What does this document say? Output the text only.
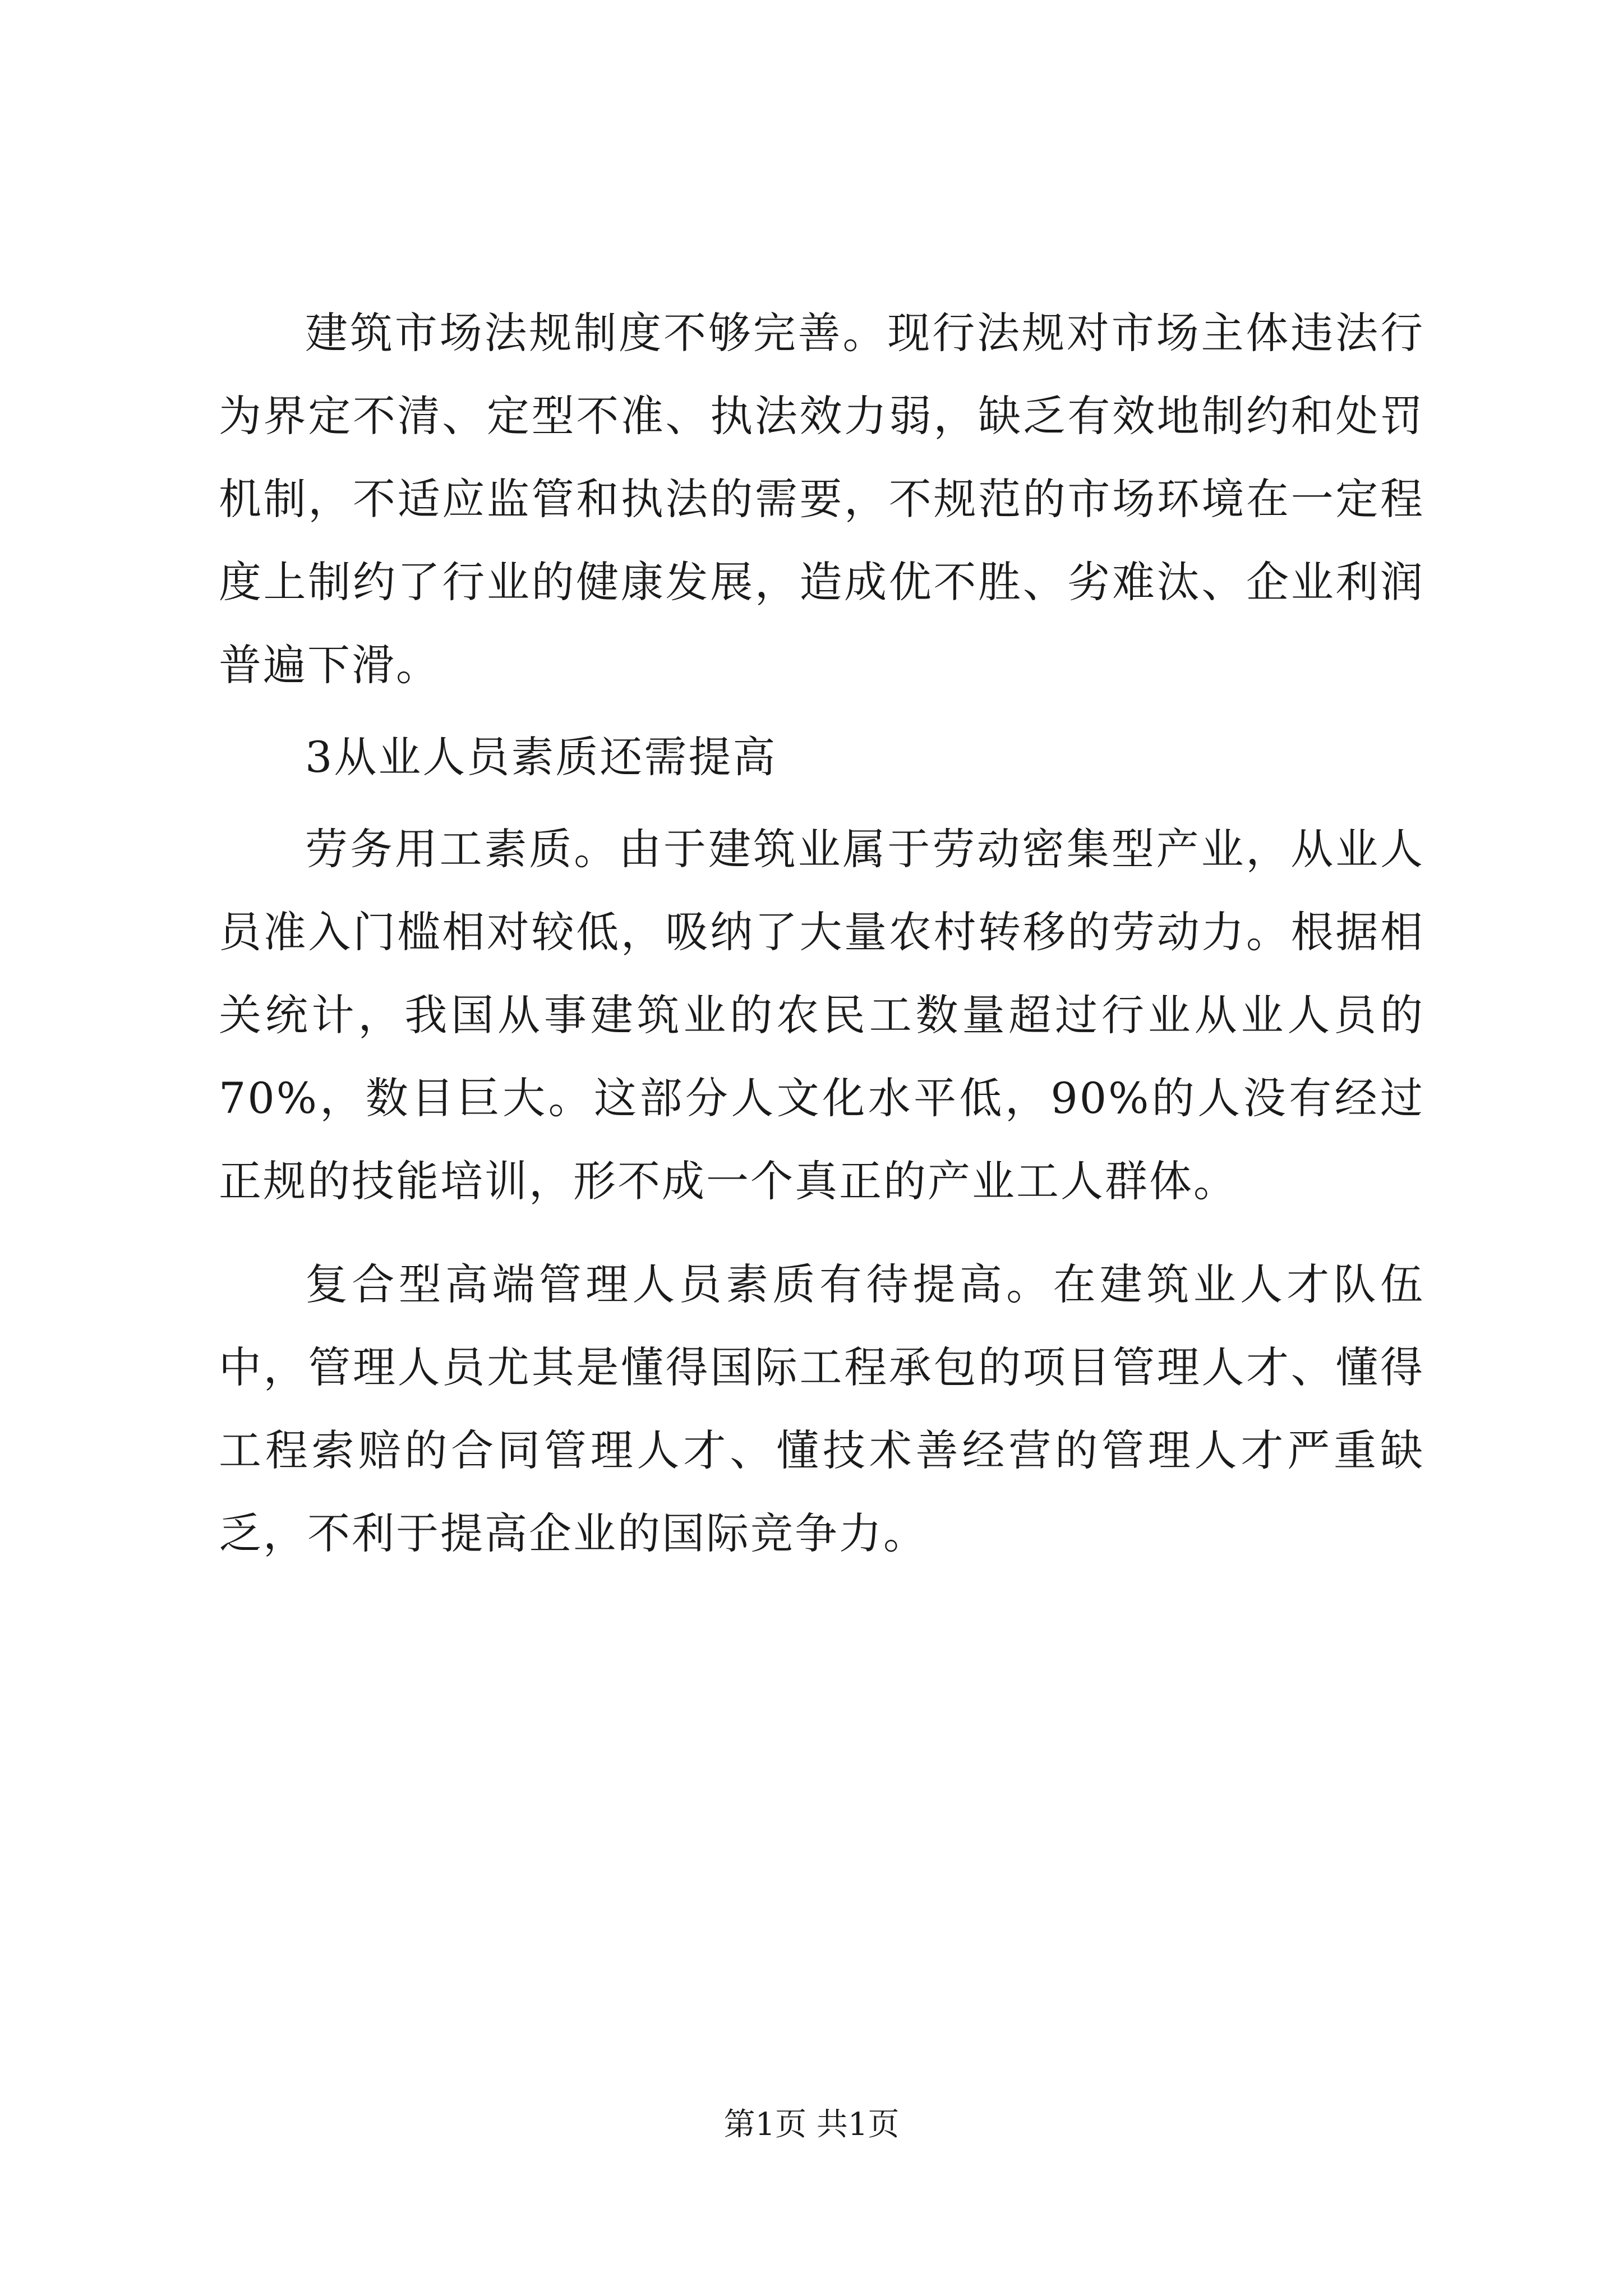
建筑市场法规制度不够完善。现行法规对市场主体违法行为界定不清、定型不准、执法效力弱，缺乏有效地制约和处罚机制，不适应监管和执法的需要，不规范的市场环境在一定程度上制约了行业的健康发展，造成优不胜、劣难汰、企业利润普遍下滑。

3从业人员素质还需提高

劳务用工素质。由于建筑业属于劳动密集型产业，从业人员准入门槛相对较低，吸纳了大量农村转移的劳动力。根据相关统计，我国从事建筑业的农民工数量超过行业从业人员的70%，数目巨大。这部分人文化水平低，90%的人没有经过正规的技能培训，形不成一个真正的产业工人群体。

复合型高端管理人员素质有待提高。在建筑业人才队伍中，管理人员尤其是懂得国际工程承包的项目管理人才、懂得工程索赔的合同管理人才、懂技术善经营的管理人才严重缺乏，不利于提高企业的国际竞争力。

第1页 共1页
